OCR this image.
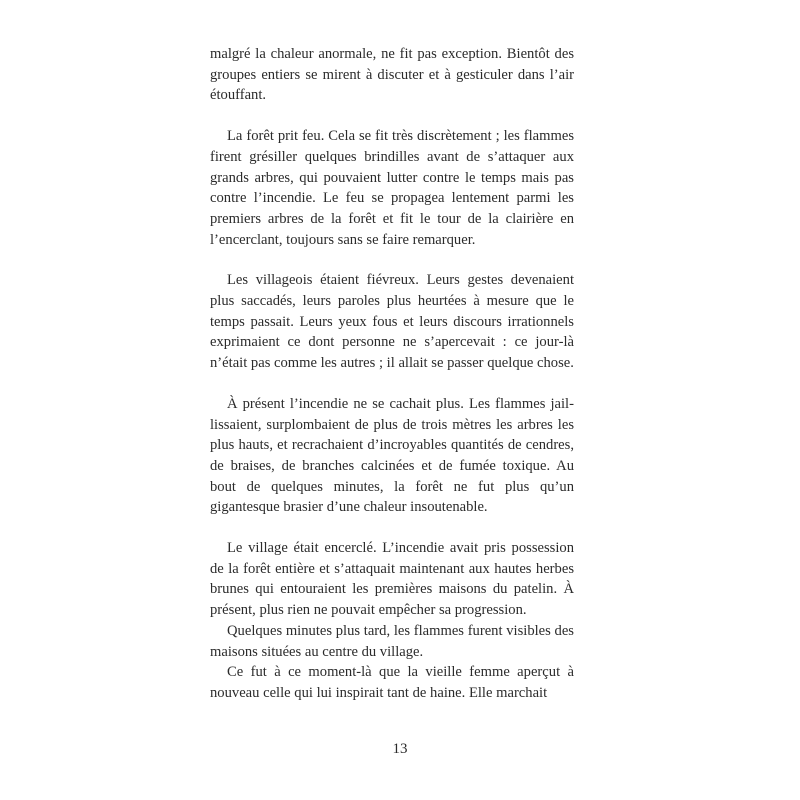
malgré la chaleur anormale, ne fit pas exception. Bientôt des groupes entiers se mirent à discuter et à gesticuler dans l’air étouffant.

La forêt prit feu. Cela se fit très discrètement ; les flammes firent grésiller quelques brindilles avant de s’attaquer aux grands arbres, qui pouvaient lutter contre le temps mais pas contre l’incendie. Le feu se propagea lentement parmi les premiers arbres de la forêt et fit le tour de la clairière en l’encerclant, toujours sans se faire remarquer.

Les villageois étaient fiévreux. Leurs gestes devenaient plus saccadés, leurs paroles plus heurtées à mesure que le temps passait. Leurs yeux fous et leurs discours irrationnels exprimaient ce dont personne ne s’apercevait : ce jour-là n’était pas comme les autres ; il allait se passer quelque chose.

À présent l’incendie ne se cachait plus. Les flammes jaillissaient, surplombaient de plus de trois mètres les arbres les plus hauts, et recrachaient d’incroyables quantités de cendres, de braises, de branches calcinées et de fumée toxique. Au bout de quelques minutes, la forêt ne fut plus qu’un gigantesque brasier d’une chaleur insoutenable.

Le village était encerclé. L’incendie avait pris possession de la forêt entière et s’attaquait maintenant aux hautes herbes brunes qui entouraient les premières maisons du patelin. À présent, plus rien ne pouvait empêcher sa progression.

Quelques minutes plus tard, les flammes furent visibles des maisons situées au centre du village.

Ce fut à ce moment-là que la vieille femme aperçut à nouveau celle qui lui inspirait tant de haine. Elle marchait

13
